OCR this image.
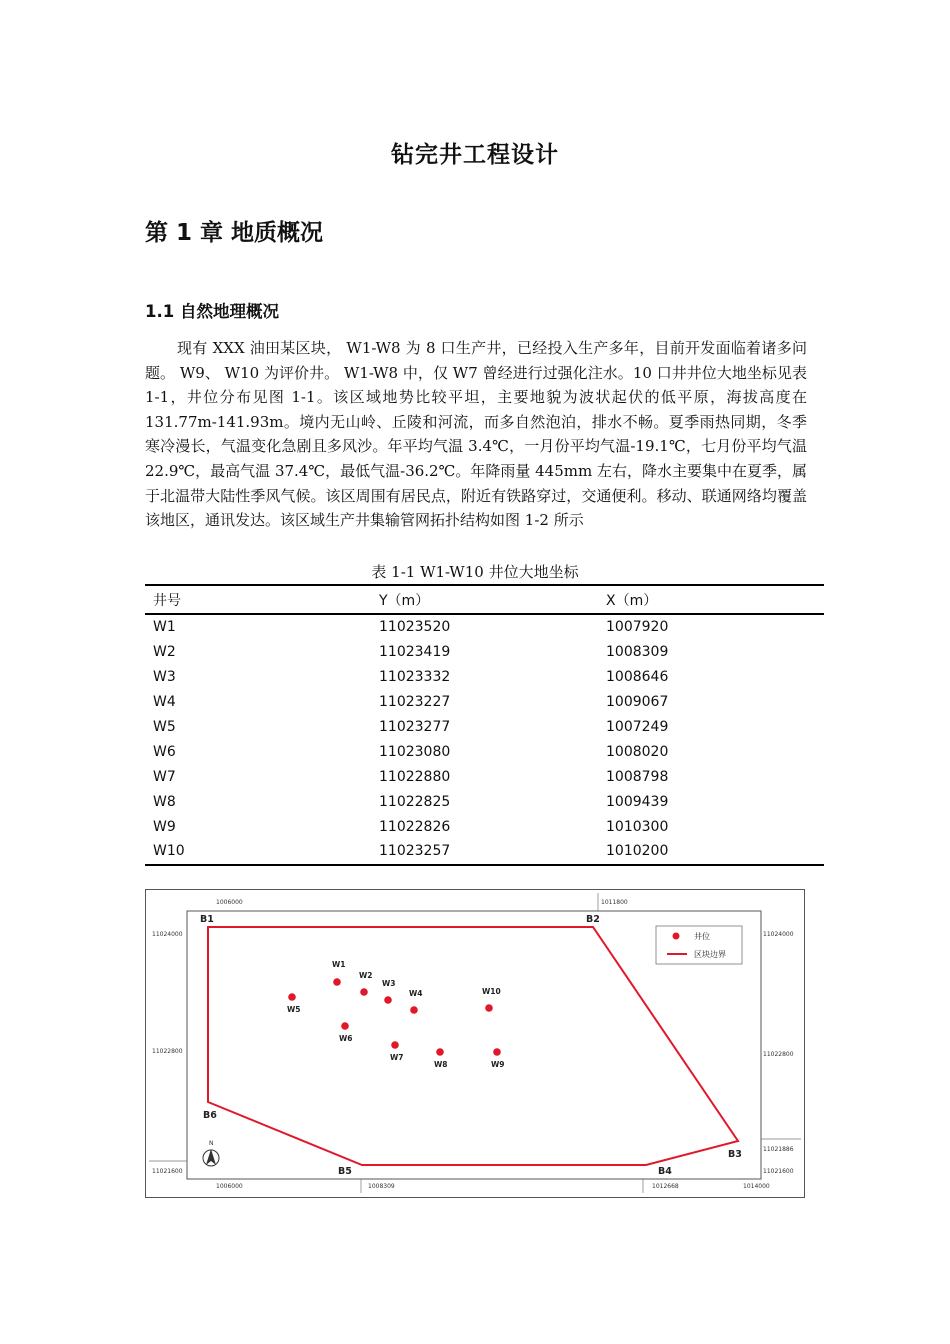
钻完井工程设计
第 1 章 地质概况
1.1 自然地理概况

现有 XXX 油田某区块， W1-W8 为 8 口生产井，已经投入生产多年，目前开发面临着诸多问题。 W9、 W10 为评价井。 W1-W8 中，仅 W7 曾经进行过强化注水。10 口井井位大地坐标见表 1-1，井位分布见图 1-1。该区域地势比较平坦，主要地貌为波状起伏的低平原，海拔高度在 131.77m-141.93m。境内无山岭、丘陵和河流，而多自然泡泊，排水不畅。夏季雨热同期，冬季寒冷漫长，气温变化急剧且多风沙。年平均气温 3.4℃，一月份平均气温-19.1℃，七月份平均气温 22.9℃，最高气温 37.4℃，最低气温-36.2℃。年降雨量 445mm 左右，降水主要集中在夏季，属于北温带大陆性季风气候。该区周围有居民点，附近有铁路穿过，交通便利。移动、联通网络均覆盖该地区，通讯发达。该区域生产井集输管网拓扑结构如图 1-2 所示

表 1-1 W1-W10 井位大地坐标
井号	Y（m）	X（m）
W1	11023520	1007920
W2	11023419	1008309
W3	11023332	1008646
W4	11023227	1009067
W5	11023277	1007249
W6	11023080	1008020
W7	11022880	1008798
W8	11022825	1009439
W9	11022826	1010300
W10	11023257	1010200
1006000	1011800
1006000	1008309	1012668	1014000
11024000
11022800
11021600
11024000
11022800
11021886
11021600
B1	B2
B3
B4
B5
B6
W1
W2
W3
W4
W5
W6
W7
W8	W9
W10
井位
区块边界
N
